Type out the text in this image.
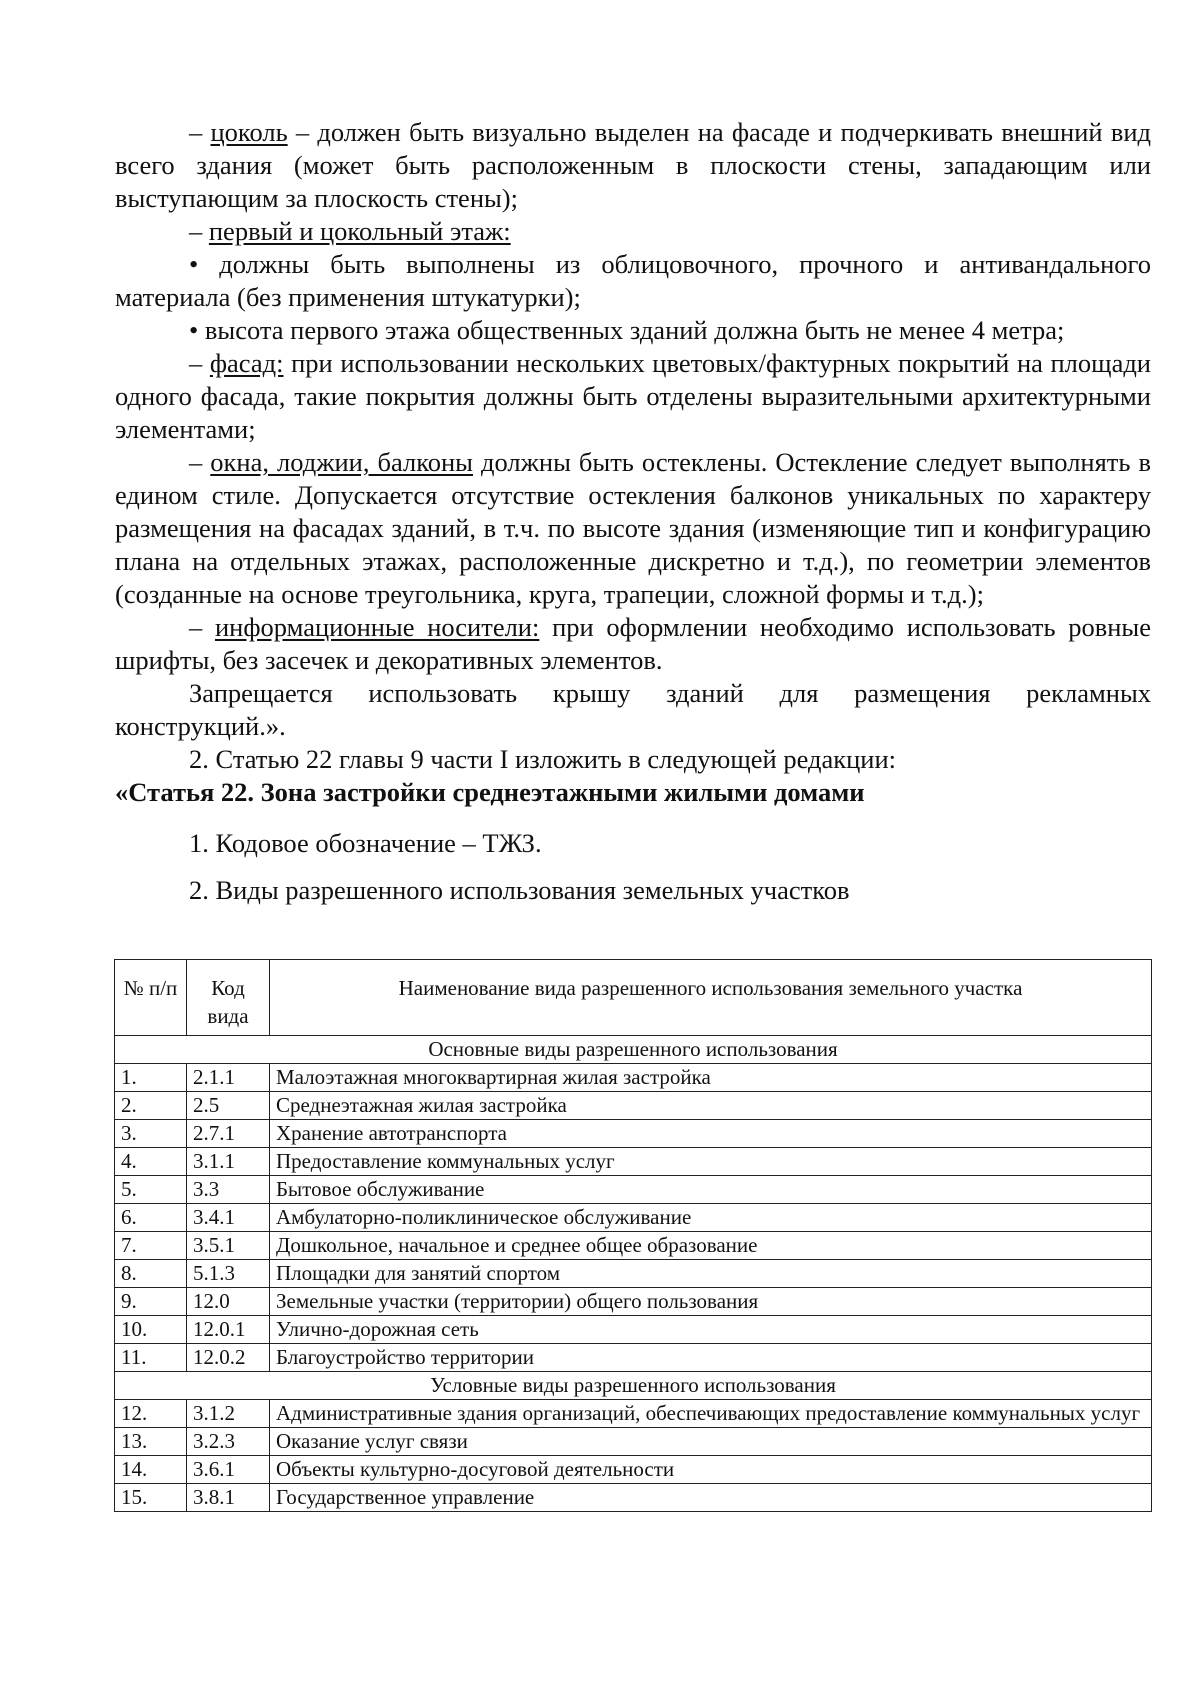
– цоколь – должен быть визуально выделен на фасаде и подчеркивать внешний вид всего здания (может быть расположенным в плоскости стены, западающим или выступающим за плоскость стены);

– первый и цокольный этаж:

• должны быть выполнены из облицовочного, прочного и антивандального материала (без применения штукатурки);

• высота первого этажа общественных зданий должна быть не менее 4 метра;

– фасад: при использовании нескольких цветовых/фактурных покрытий на площади одного фасада, такие покрытия должны быть отделены выразительными архитектурными элементами;

– окна, лоджии, балконы должны быть остеклены. Остекление следует выполнять в едином стиле. Допускается отсутствие остекления балконов уникальных по характеру размещения на фасадах зданий, в т.ч. по высоте здания (изменяющие тип и конфигурацию плана на отдельных этажах, расположенные дискретно и т.д.), по геометрии элементов (созданные на основе треугольника, круга, трапеции, сложной формы и т.д.);

– информационные носители: при оформлении необходимо использовать ровные шрифты, без засечек и декоративных элементов.

Запрещается использовать крышу зданий для размещения рекламных конструкций.».

2. Статью 22 главы 9 части I изложить в следующей редакции:

«Статья 22. Зона застройки среднеэтажными жилыми домами

1. Кодовое обозначение – ТЖЗ.

2. Виды разрешенного использования земельных участков

№ п/п	Код вида	Наименование вида разрешенного использования земельного участка
Основные виды разрешенного использования		
1.	2.1.1	Малоэтажная многоквартирная жилая застройка
2.	2.5	Среднеэтажная жилая застройка
3.	2.7.1	Хранение автотранспорта
4.	3.1.1	Предоставление коммунальных услуг
5.	3.3	Бытовое обслуживание
6.	3.4.1	Амбулаторно-поликлиническое обслуживание
7.	3.5.1	Дошкольное, начальное и среднее общее образование
8.	5.1.3	Площадки для занятий спортом
9.	12.0	Земельные участки (территории) общего пользования
10.	12.0.1	Улично-дорожная сеть
11.	12.0.2	Благоустройство территории
Условные виды разрешенного использования		
12.	3.1.2	Административные здания организаций, обеспечивающих предоставление коммунальных услуг
13.	3.2.3	Оказание услуг связи
14.	3.6.1	Объекты культурно-досуговой деятельности
15.	3.8.1	Государственное управление
